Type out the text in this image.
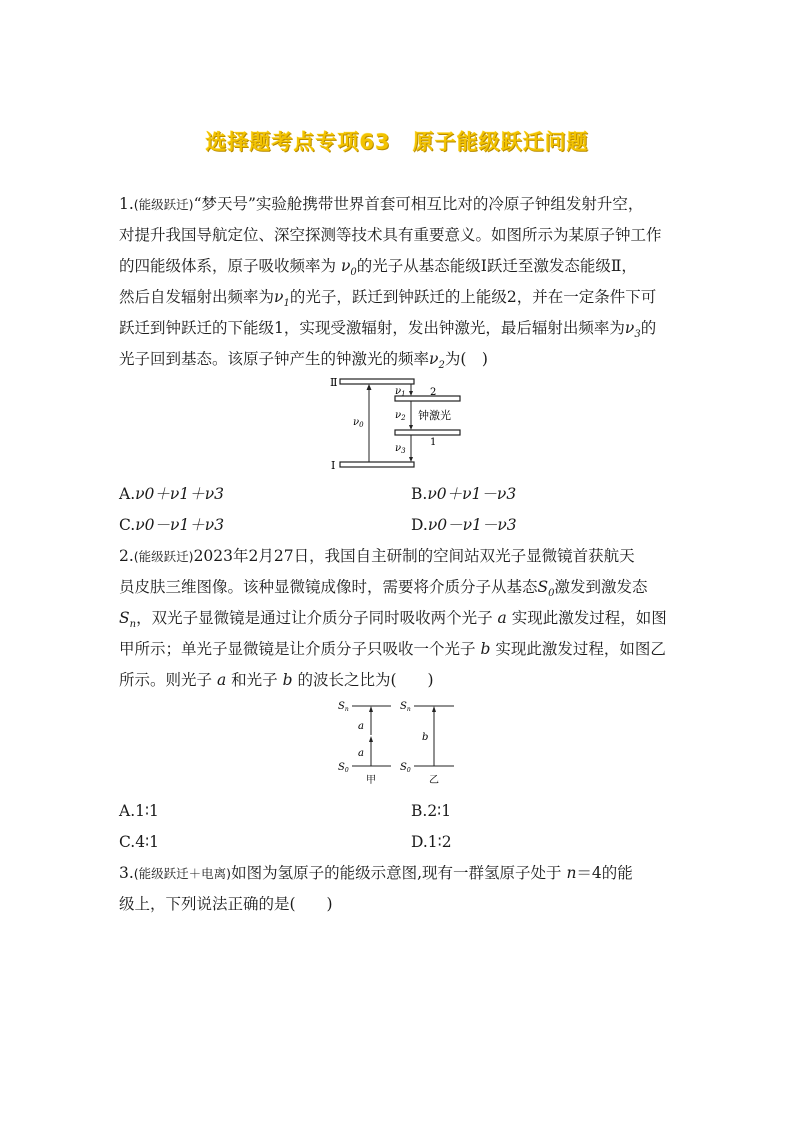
选择题考点专项63　原子能级跃迁问题
1.(能级跃迁)“梦天号”实验舱携带世界首套可相互比对的冷原子钟组发射升空，
对提升我国导航定位、深空探测等技术具有重要意义。如图所示为某原子钟工作
的四能级体系，原子吸收频率为 $\nu_0$的光子从基态能级Ⅰ跃迁至激发态能级Ⅱ，
然后自发辐射出频率为$\nu_1$的光子，跃迁到钟跃迁的上能级2，并在一定条件下可
跃迁到钟跃迁的下能级1，实现受激辐射，发出钟激光，最后辐射出频率为$\nu_3$的
光子回到基态。该原子钟产生的钟激光的频率$\nu_2$为(　)
Ⅱ
Ⅰ
2
1
钟激光
$\nu_0$
$\nu_1$
$\nu_2$
$\nu_3$
A.ν0＋ν1＋ν3	B.ν0＋ν1－ν3
C.ν0－ν1＋ν3	D.ν0－ν1－ν3
2.(能级跃迁)2023年2月27日，我国自主研制的空间站双光子显微镜首获航天
员皮肤三维图像。该种显微镜成像时，需要将介质分子从基态$S_0$激发到激发态
$S_n$，双光子显微镜是通过让介质分子同时吸收两个光子 a 实现此激发过程，如图
甲所示；单光子显微镜是让介质分子只吸收一个光子 b 实现此激发过程，如图乙
所示。则光子 a 和光子 b 的波长之比为(　　)
$S_n$
$S_0$
$S_n$
$S_0$
a
a
b
甲	乙
A.1∶1	B.2∶1
C.4∶1	D.1∶2
3.(能级跃迁＋电离)如图为氢原子的能级示意图,现有一群氢原子处于 n＝4的能
级上，下列说法正确的是(　　)
